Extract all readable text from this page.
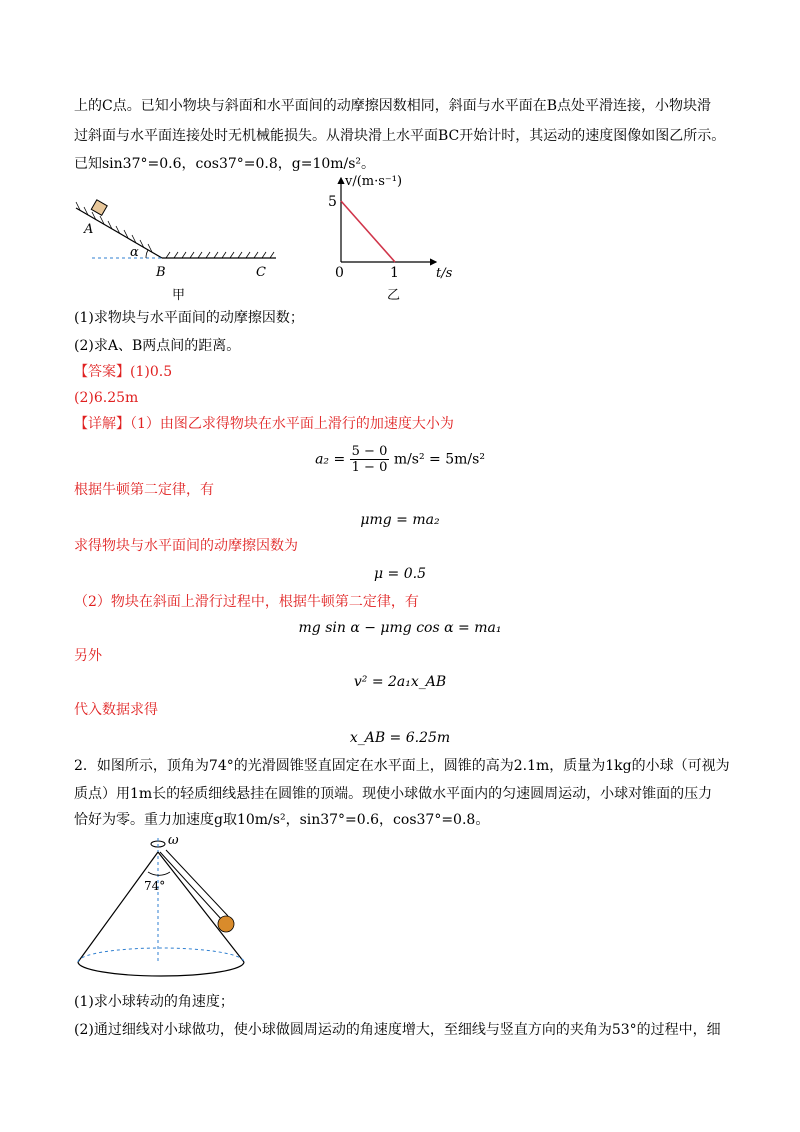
上的C点。已知小物块与斜面和水平面间的动摩擦因数相同，斜面与水平面在B点处平滑连接，小物块滑
过斜面与水平面连接处时无机械能损失。从滑块滑上水平面BC开始计时，其运动的速度图像如图乙所示。
已知sin37°=0.6，cos37°=0.8，g=10m/s²。
A
α
B	C
甲
v/(m·s⁻¹)
5
0	1	t/s
乙
(1)求物块与水平面间的动摩擦因数；
(2)求A、B两点间的距离。
【答案】(1)0.5
(2)6.25m
【详解】（1）由图乙求得物块在水平面上滑行的加速度大小为
$a_2 = \frac{5 - 0}{1 - 0} m/s^2 = 5m/s^2$
根据牛顿第二定律，有
μmg = ma₂
求得物块与水平面间的动摩擦因数为
μ = 0.5
（2）物块在斜面上滑行过程中，根据牛顿第二定律，有
mg sin α − μmg cos α = ma₁
另外
v² = 2a₁x_AB
代入数据求得
x_AB = 6.25m
2．如图所示，顶角为74°的光滑圆锥竖直固定在水平面上，圆锥的高为2.1m，质量为1kg的小球（可视为
质点）用1m长的轻质细线悬挂在圆锥的顶端。现使小球做水平面内的匀速圆周运动，小球对锥面的压力
恰好为零。重力加速度g取10m/s²，sin37°=0.6，cos37°=0.8。
ω
74°
(1)求小球转动的角速度；
(2)通过细线对小球做功，使小球做圆周运动的角速度增大，至细线与竖直方向的夹角为53°的过程中，细
